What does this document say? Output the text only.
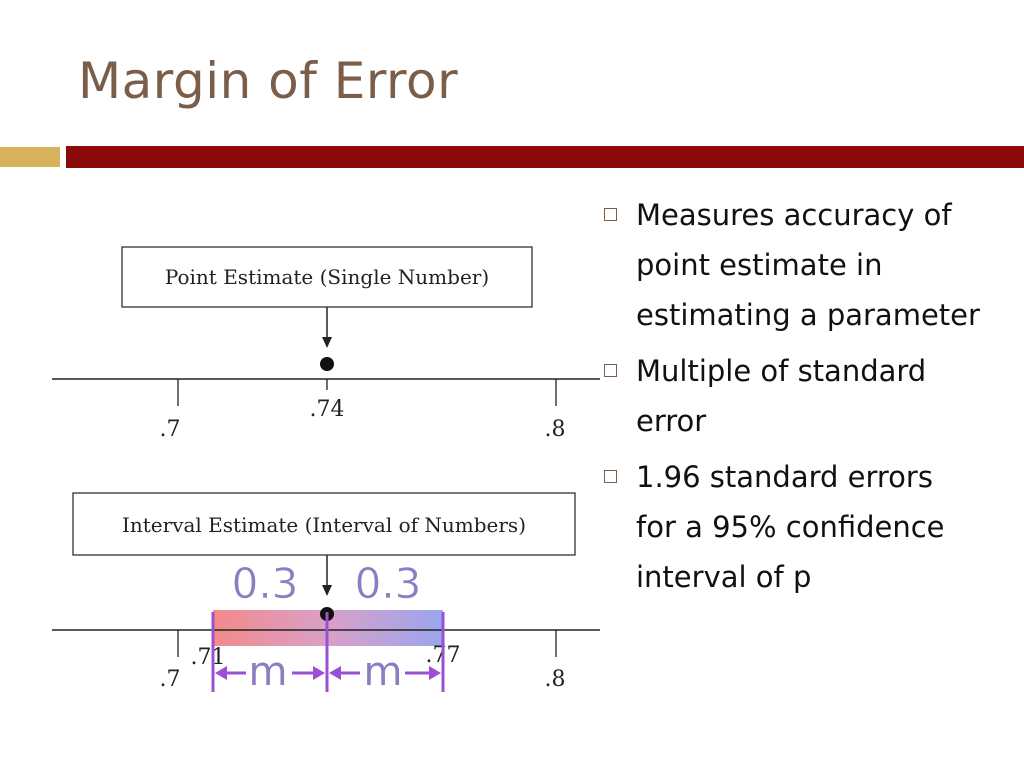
Margin of Error
Point Estimate (Single Number)
.7
.74
.8
Interval Estimate (Interval of Numbers)
0.3 0.3
.7
.71	.77
.8
m m
Measures accuracy of point estimate in estimating a parameter
Multiple of standard error
1.96 standard errors for a 95% confidence interval of p
